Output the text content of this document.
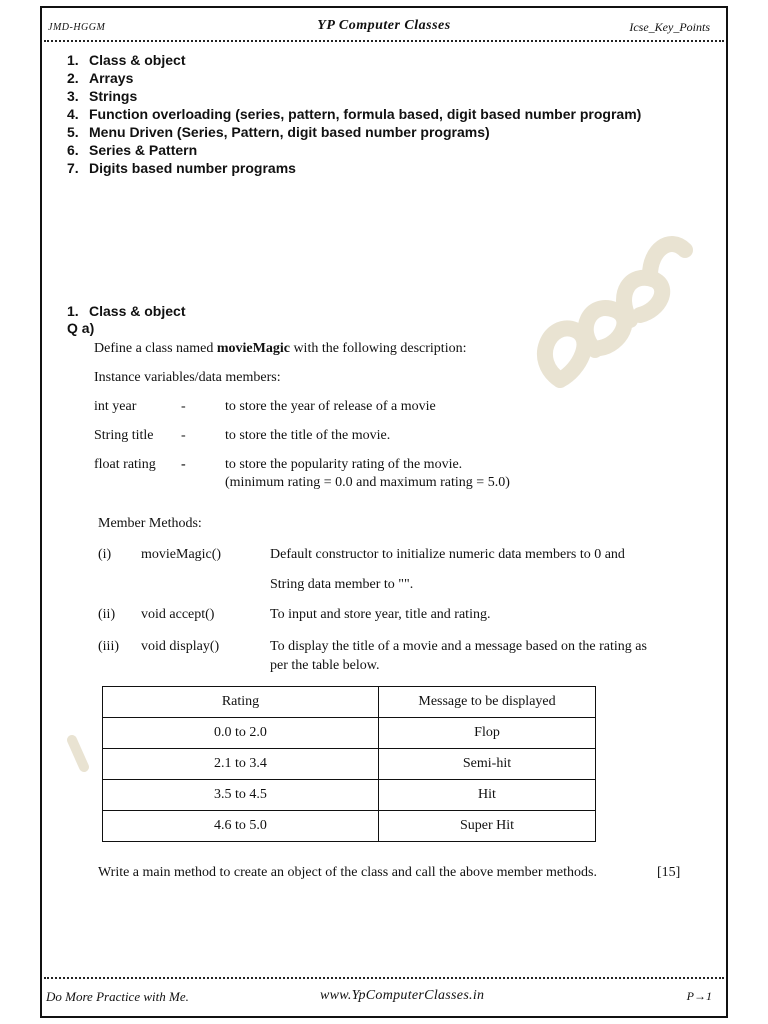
JMD-HGGM	YP Computer Classes	Icse_Key_Points
1. Class & object
2. Arrays
3. Strings
4. Function overloading (series, pattern, formula based, digit based number program)
5. Menu Driven (Series, Pattern, digit based number programs)
6. Series & Pattern
7. Digits based number programs
1. Class & object
Q a)
Define a class named movieMagic with the following description:
Instance variables/data members:
int year	-	to store the year of release of a movie
String title -	to store the title of the movie.
float rating -	to store the popularity rating of the movie.
(minimum rating = 0.0 and maximum rating = 5.0)
Member Methods:
(i) movieMagic()	Default constructor to initialize numeric data members to 0 and
String data member to "".
(ii) void accept()	To input and store year, title and rating.
(iii) void display()	To display the title of a movie and a message based on the rating as
per the table below.
Rating	Message to be displayed
0.0 to 2.0	Flop
2.1 to 3.4	Semi-hit
3.5 to 4.5	Hit
4.6 to 5.0	Super Hit
Write a main method to create an object of the class and call the above member methods.	[15]
Do More Practice with Me.	www.YpComputerClasses.in	P→1
